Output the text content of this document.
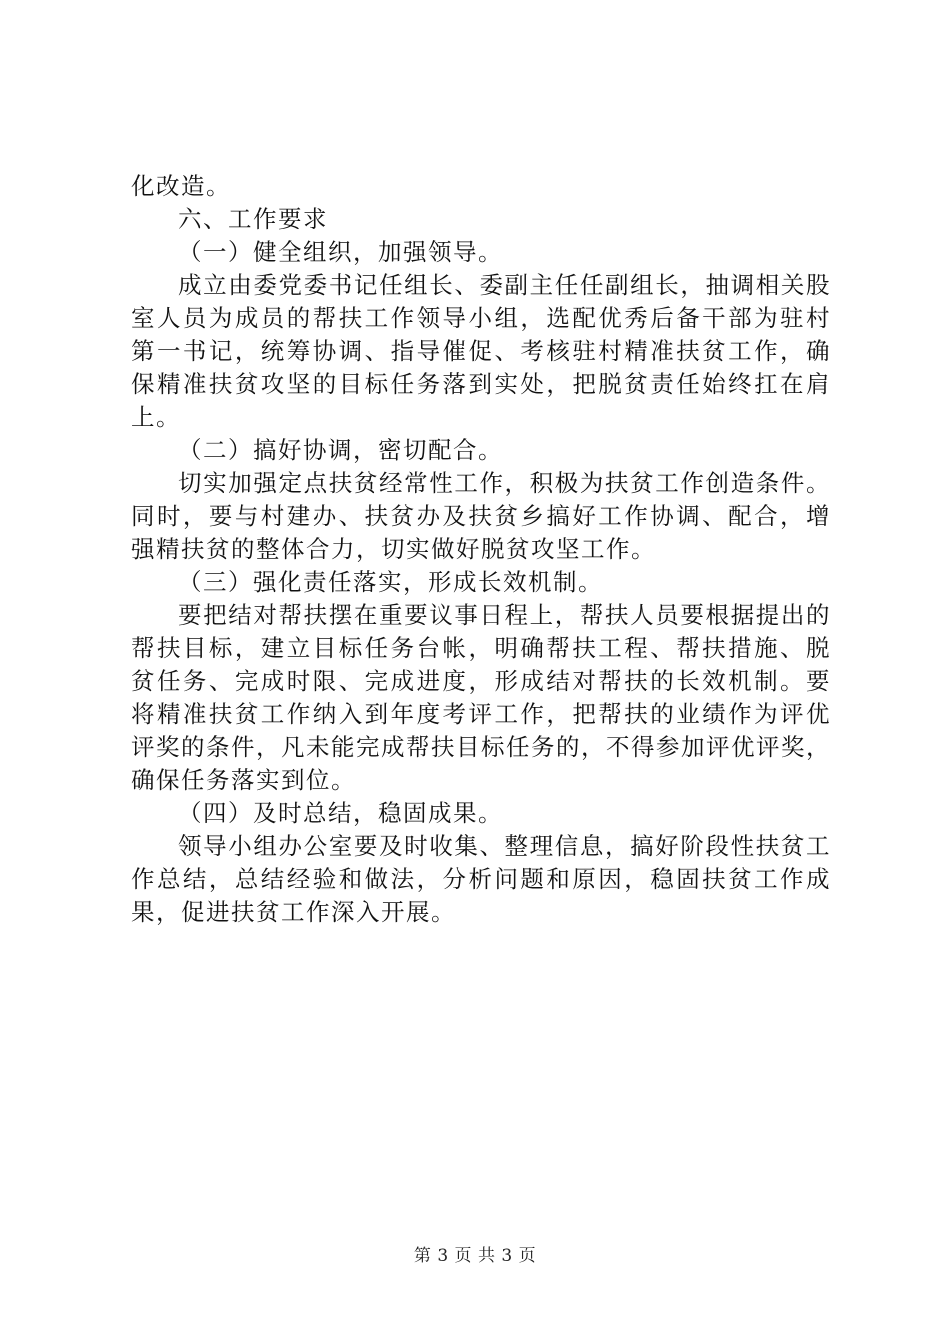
化改造。
六、工作要求
（一）健全组织，加强领导。
成立由委党委书记任组长、委副主任任副组长，抽调相关股
室人员为成员的帮扶工作领导小组，选配优秀后备干部为驻村
第一书记，统筹协调、指导催促、考核驻村精准扶贫工作，确
保精准扶贫攻坚的目标任务落到实处，把脱贫责任始终扛在肩
上。
（二）搞好协调，密切配合。
切实加强定点扶贫经常性工作，积极为扶贫工作创造条件。
同时，要与村建办、扶贫办及扶贫乡搞好工作协调、配合，增
强精扶贫的整体合力，切实做好脱贫攻坚工作。
（三）强化责任落实，形成长效机制。
要把结对帮扶摆在重要议事日程上，帮扶人员要根据提出的
帮扶目标，建立目标任务台帐，明确帮扶工程、帮扶措施、脱
贫任务、完成时限、完成进度，形成结对帮扶的长效机制。要
将精准扶贫工作纳入到年度考评工作，把帮扶的业绩作为评优
评奖的条件，凡未能完成帮扶目标任务的，不得参加评优评奖，
确保任务落实到位。
（四）及时总结，稳固成果。
领导小组办公室要及时收集、整理信息，搞好阶段性扶贫工
作总结，总结经验和做法，分析问题和原因，稳固扶贫工作成
果，促进扶贫工作深入开展。
第 3 页 共 3 页
